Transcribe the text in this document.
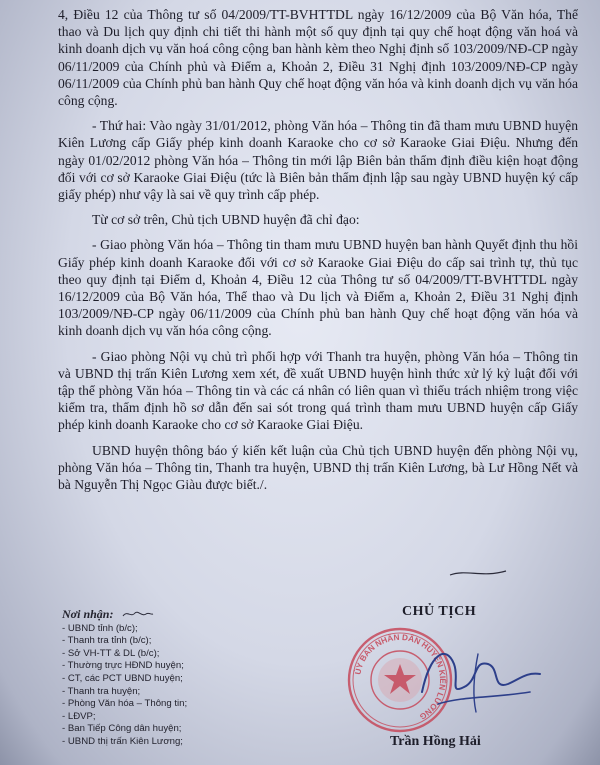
4, Điều 12 của Thông tư số 04/2009/TT-BVHTTDL ngày 16/12/2009 của Bộ Văn hóa, Thể thao và Du lịch quy định chi tiết thi hành một số quy định tại quy chế hoạt động văn hoá và kinh doanh dịch vụ văn hoá công cộng ban hành kèm theo Nghị định số 103/2009/NĐ-CP ngày 06/11/2009 của Chính phủ và Điểm a, Khoản 2, Điều 31 Nghị định 103/2009/NĐ-CP ngày 06/11/2009 của Chính phủ ban hành Quy chế hoạt động văn hóa và kinh doanh dịch vụ văn hóa công cộng.

- Thứ hai: Vào ngày 31/01/2012, phòng Văn hóa – Thông tin đã tham mưu UBND huyện Kiên Lương cấp Giấy phép kinh doanh Karaoke cho cơ sở Karaoke Giai Điệu. Nhưng đến ngày 01/02/2012 phòng Văn hóa – Thông tin mới lập Biên bản thẩm định điều kiện hoạt động đối với cơ sở Karaoke Giai Điệu (tức là Biên bản thẩm định lập sau ngày UBND huyện ký cấp giấy phép) như vậy là sai về quy trình cấp phép.

Từ cơ sở trên, Chủ tịch UBND huyện đã chỉ đạo:

- Giao phòng Văn hóa – Thông tin tham mưu UBND huyện ban hành Quyết định thu hồi Giấy phép kinh doanh Karaoke đối với cơ sở Karaoke Giai Điệu do cấp sai trình tự, thủ tục theo quy định tại Điểm d, Khoản 4, Điều 12 của Thông tư số 04/2009/TT-BVHTTDL ngày 16/12/2009 của Bộ Văn hóa, Thể thao và Du lịch và Điểm a, Khoản 2, Điều 31 Nghị định 103/2009/NĐ-CP ngày 06/11/2009 của Chính phủ ban hành Quy chế hoạt động văn hóa và kinh doanh dịch vụ văn hóa công cộng.

- Giao phòng Nội vụ chủ trì phối hợp với Thanh tra huyện, phòng Văn hóa – Thông tin và UBND thị trấn Kiên Lương xem xét, đề xuất UBND huyện hình thức xử lý kỷ luật đối với tập thể phòng Văn hóa – Thông tin và các cá nhân có liên quan vì thiếu trách nhiệm trong việc kiểm tra, thẩm định hồ sơ dẫn đến sai sót trong quá trình tham mưu UBND huyện cấp Giấy phép kinh doanh Karaoke cho cơ sở Karaoke Giai Điệu.

UBND huyện thông báo ý kiến kết luận của Chủ tịch UBND huyện đến phòng Nội vụ, phòng Văn hóa – Thông tin, Thanh tra huyện, UBND thị trấn Kiên Lương, bà Lư Hồng Nết và bà Nguyễn Thị Ngọc Giàu được biết./.

Nơi nhận:
- UBND tỉnh (b/c);
- Thanh tra tỉnh (b/c);
- Sở VH-TT & DL (b/c);
- Thường trực HĐND huyện;
- CT, các PCT UBND huyện;
- Thanh tra huyện;
- Phòng Văn hóa – Thông tin;
- LĐVP;
- Ban Tiếp Công dân huyện;
- UBND thị trấn Kiên Lương;
CHỦ TỊCH
ỦY BAN NHÂN DÂN HUYỆN KIÊN LƯƠNG
Trần Hồng Hải
